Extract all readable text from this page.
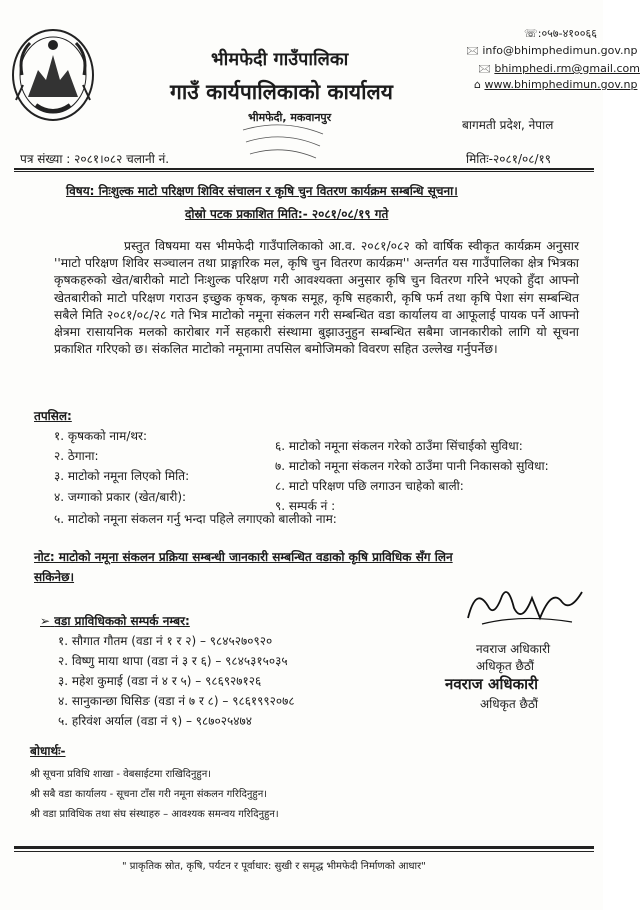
भीमफेदी गाउँपालिका
गाउँ कार्यपालिकाको कार्यालय
भीमफेदी, मकवानपुर
☏:०५७-४१००६६
🖂 info@bhimphedimun.gov.np
🖂 bhimphedi.rm@gmail.com
⌂ www.bhimphedimun.gov.np
बागमती प्रदेश, नेपाल
पत्र संख्या : २०८१।०८२ चलानी नं.	मितिः-२०८१/०८/१९
विषय: निःशुल्क माटो परिक्षण शिविर संचालन र कृषि चुन वितरण कार्यक्रम सम्बन्धि सूचना।
दोस्रो पटक प्रकाशित मिति:- २०८१/०८/१९ गते
प्रस्तुत विषयमा यस भीमफेदी गाउँपालिकाको आ.व. २०८१/०८२ को वार्षिक स्वीकृत कार्यक्रम अनुसार ''माटो परिक्षण शिविर सञ्चालन तथा प्राङ्गारिक मल, कृषि चुन वितरण कार्यक्रम'' अन्तर्गत यस गाउँपालिका क्षेत्र भित्रका कृषकहरुको खेत/बारीको माटो निःशुल्क परिक्षण गरी आवश्यक्ता अनुसार कृषि चुन वितरण गरिने भएको हुँदा आफ्नो खेतबारीको माटो परिक्षण गराउन इच्छुक कृषक, कृषक समूह, कृषि सहकारी, कृषि फर्म तथा कृषि पेशा संग सम्बन्धित सबैले मिति २०८१/०८/२८ गते भित्र माटोको नमूना संकलन गरी सम्बन्धित वडा कार्यालय वा आफूलाई पायक पर्ने आफ्नो क्षेत्रमा रासायनिक मलको कारोबार गर्ने सहकारी संस्थामा बुझाउनुहुन सम्बन्धित सबैमा जानकारीको लागि यो सूचना प्रकाशित गरिएको छ। संकलित माटोको नमूनामा तपसिल बमोजिमको विवरण सहित उल्लेख गर्नुपर्नेछ।
तपसिल:
१. कृषकको नाम/थर:
२. ठेगाना:
३. माटोको नमूना लिएको मिति:
४. जग्गाको प्रकार (खेत/बारी):
५. माटोको नमूना संकलन गर्नु भन्दा पहिले लगाएको बालीको नाम:
६. माटोको नमूना संकलन गरेको ठाउँमा सिंचाईको सुविधा:
७. माटोको नमूना संकलन गरेको ठाउँमा पानी निकासको सुविधा:
८. माटो परिक्षण पछि लगाउन चाहेको बाली:
९. सम्पर्क नं :
नोट: माटोको नमूना संकलन प्रक्रिया सम्बन्धी जानकारी सम्बन्धित वडाको कृषि प्राविधिक सँग लिन
सकिनेछ।
➢ वडा प्राविधिकको सम्पर्क नम्बर:
१. सौगात गौतम (वडा नं १ र २) – ९८४५२७०९२०
२. विष्णु माया थापा (वडा नं ३ र ६) – ९८४५३१५०३५
३. महेश कुमाई (वडा नं ४ र ५) – ९८६९२७१२६
४. सानुकान्छा घिसिङ (वडा नं ७ र ८) – ९८६१९९२०७८
५. हरिवंश अर्याल (वडा नं ९) – ९८७०२५४७४
नवराज अधिकारी
अधिकृत छैठौं
नवराज अधिकारी
अधिकृत छैठौं
बोधार्थः-
श्री सूचना प्रविधि शाखा - वेबसाईटमा राखिदिनुहुन।
श्री सबै वडा कार्यालय - सूचना टाँस गरी नमूना संकलन गरिदिनुहुन।
श्री वडा प्राविधिक तथा संघ संस्थाहरु – आवश्यक समन्वय गरिदिनुहुन।
" प्राकृतिक स्रोत, कृषि, पर्यटन र पूर्वाधार: सुखी र समृद्ध भीमफेदी निर्माणको आधार"
